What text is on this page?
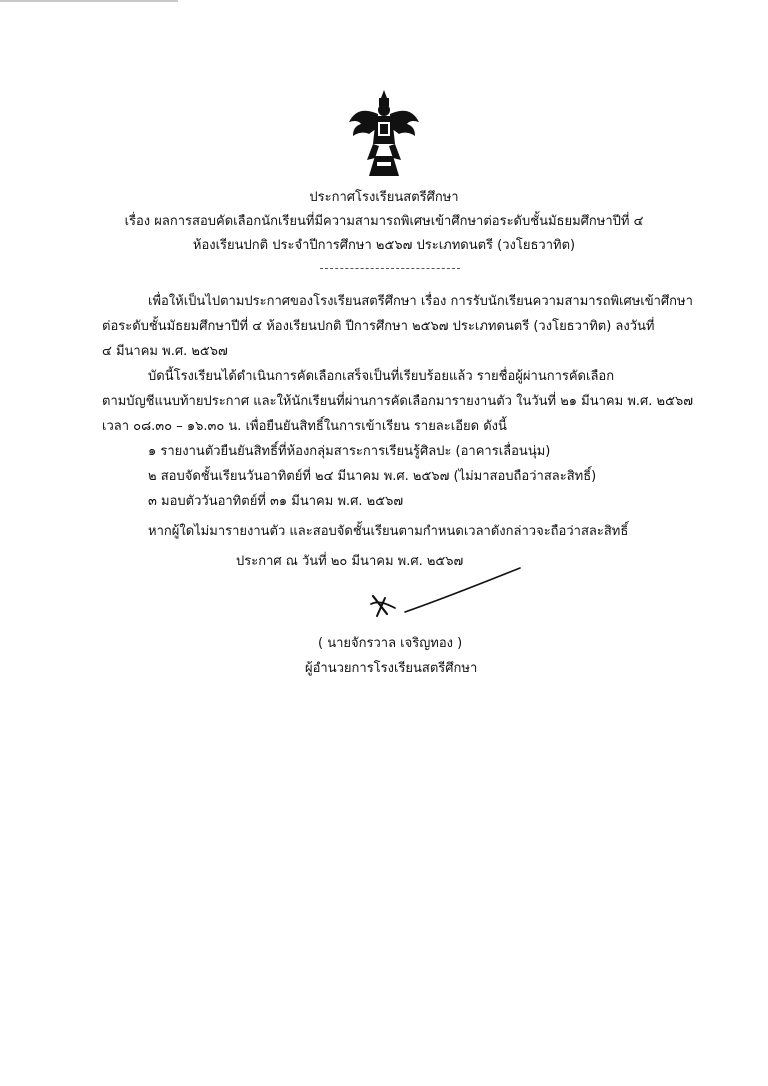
ประกาศโรงเรียนสตรีศึกษา
เรื่อง ผลการสอบคัดเลือกนักเรียนที่มีความสามารถพิเศษเข้าศึกษาต่อระดับชั้นมัธยมศึกษาปีที่ ๔
ห้องเรียนปกติ ประจำปีการศึกษา ๒๕๖๗ ประเภทดนตรี (วงโยธวาทิต)
เพื่อให้เป็นไปตามประกาศของโรงเรียนสตรีศึกษา เรื่อง การรับนักเรียนความสามารถพิเศษเข้าศึกษา
ต่อระดับชั้นมัธยมศึกษาปีที่ ๔ ห้องเรียนปกติ ปีการศึกษา ๒๕๖๗ ประเภทดนตรี (วงโยธวาทิต) ลงวันที่
๔ มีนาคม พ.ศ. ๒๕๖๗
บัดนี้โรงเรียนได้ดำเนินการคัดเลือกเสร็จเป็นที่เรียบร้อยแล้ว รายชื่อผู้ผ่านการคัดเลือก
ตามบัญชีแนบท้ายประกาศ และให้นักเรียนที่ผ่านการคัดเลือกมารายงานตัว ในวันที่ ๒๑ มีนาคม พ.ศ. ๒๕๖๗
เวลา ๐๘.๓๐ – ๑๖.๓๐ น. เพื่อยืนยันสิทธิ์ในการเข้าเรียน รายละเอียด ดังนี้
๑ รายงานตัวยืนยันสิทธิ์ที่ห้องกลุ่มสาระการเรียนรู้ศิลปะ (อาคารเลื่อนนุ่ม)
๒ สอบจัดชั้นเรียนวันอาทิตย์ที่ ๒๔ มีนาคม พ.ศ. ๒๕๖๗ (ไม่มาสอบถือว่าสละสิทธิ์)
๓ มอบตัววันอาทิตย์ที่ ๓๑ มีนาคม พ.ศ. ๒๕๖๗
หากผู้ใดไม่มารายงานตัว และสอบจัดชั้นเรียนตามกำหนดเวลาดังกล่าวจะถือว่าสละสิทธิ์
ประกาศ ณ วันที่ ๒๐ มีนาคม พ.ศ. ๒๕๖๗
( นายจักรวาล เจริญทอง )
ผู้อำนวยการโรงเรียนสตรีศึกษา
